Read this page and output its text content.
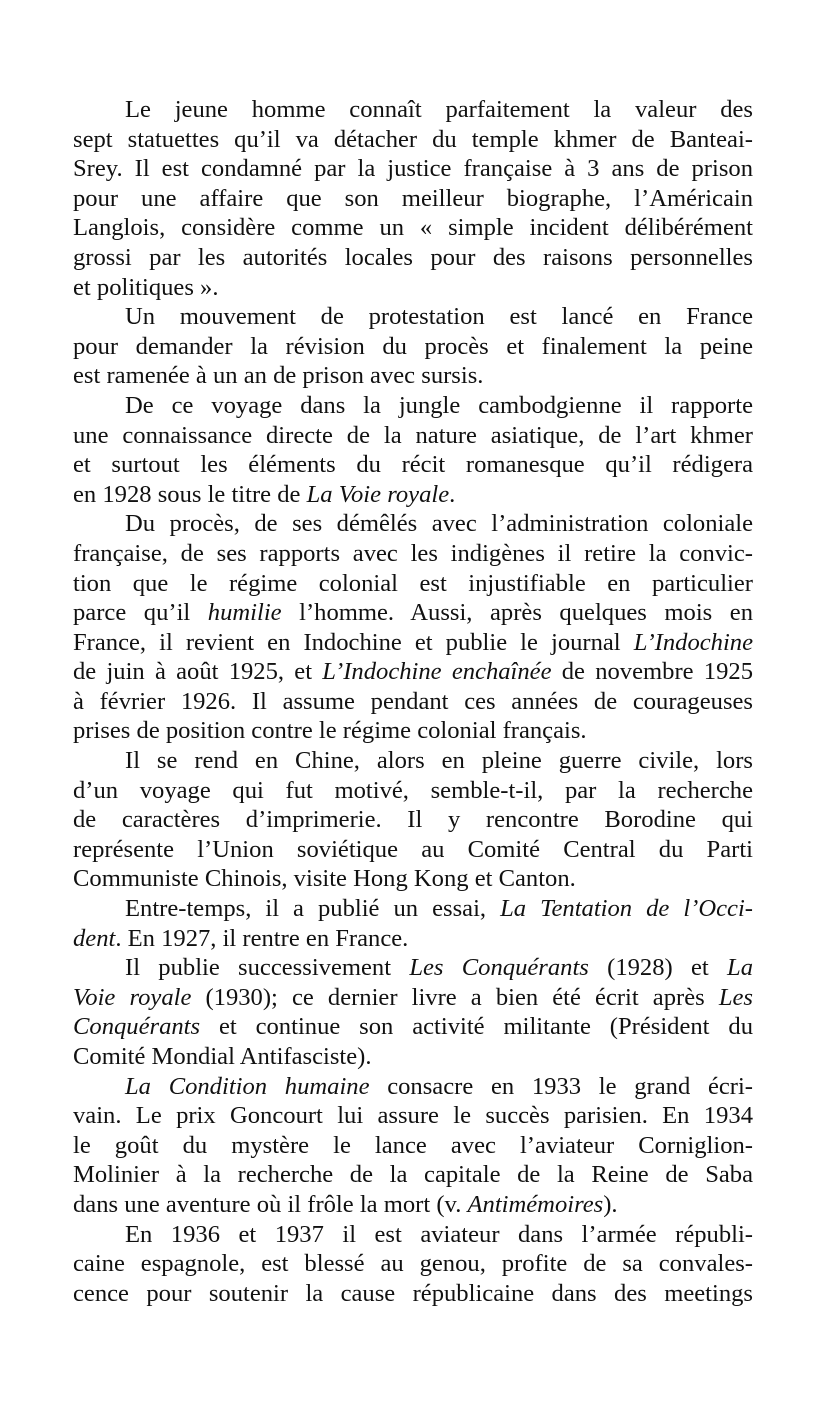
Le jeune homme connaît parfaitement la valeur des
sept statuettes qu’il va détacher du temple khmer de Banteai-
Srey. Il est condamné par la justice française à 3 ans de prison
pour une affaire que son meilleur biographe, l’Américain
Langlois, considère comme un « simple incident délibérément
grossi par les autorités locales pour des raisons personnelles
et politiques ».
Un mouvement de protestation est lancé en France
pour demander la révision du procès et finalement la peine
est ramenée à un an de prison avec sursis.
De ce voyage dans la jungle cambodgienne il rapporte
une connaissance directe de la nature asiatique, de l’art khmer
et surtout les éléments du récit romanesque qu’il rédigera
en 1928 sous le titre de La Voie royale.
Du procès, de ses démêlés avec l’administration coloniale
française, de ses rapports avec les indigènes il retire la convic-
tion que le régime colonial est injustifiable en particulier
parce qu’il humilie l’homme. Aussi, après quelques mois en
France, il revient en Indochine et publie le journal L’Indochine
de juin à août 1925, et L’Indochine enchaînée de novembre 1925
à février 1926. Il assume pendant ces années de courageuses
prises de position contre le régime colonial français.
Il se rend en Chine, alors en pleine guerre civile, lors
d’un voyage qui fut motivé, semble-t-il, par la recherche
de caractères d’imprimerie. Il y rencontre Borodine qui
représente l’Union soviétique au Comité Central du Parti
Communiste Chinois, visite Hong Kong et Canton.
Entre-temps, il a publié un essai, La Tentation de l’Occi-
dent. En 1927, il rentre en France.
Il publie successivement Les Conquérants (1928) et La
Voie royale (1930); ce dernier livre a bien été écrit après Les
Conquérants et continue son activité militante (Président du
Comité Mondial Antifasciste).
La Condition humaine consacre en 1933 le grand écri-
vain. Le prix Goncourt lui assure le succès parisien. En 1934
le goût du mystère le lance avec l’aviateur Corniglion-
Molinier à la recherche de la capitale de la Reine de Saba
dans une aventure où il frôle la mort (v. Antimémoires).
En 1936 et 1937 il est aviateur dans l’armée républi-
caine espagnole, est blessé au genou, profite de sa convales-
cence pour soutenir la cause républicaine dans des meetings
